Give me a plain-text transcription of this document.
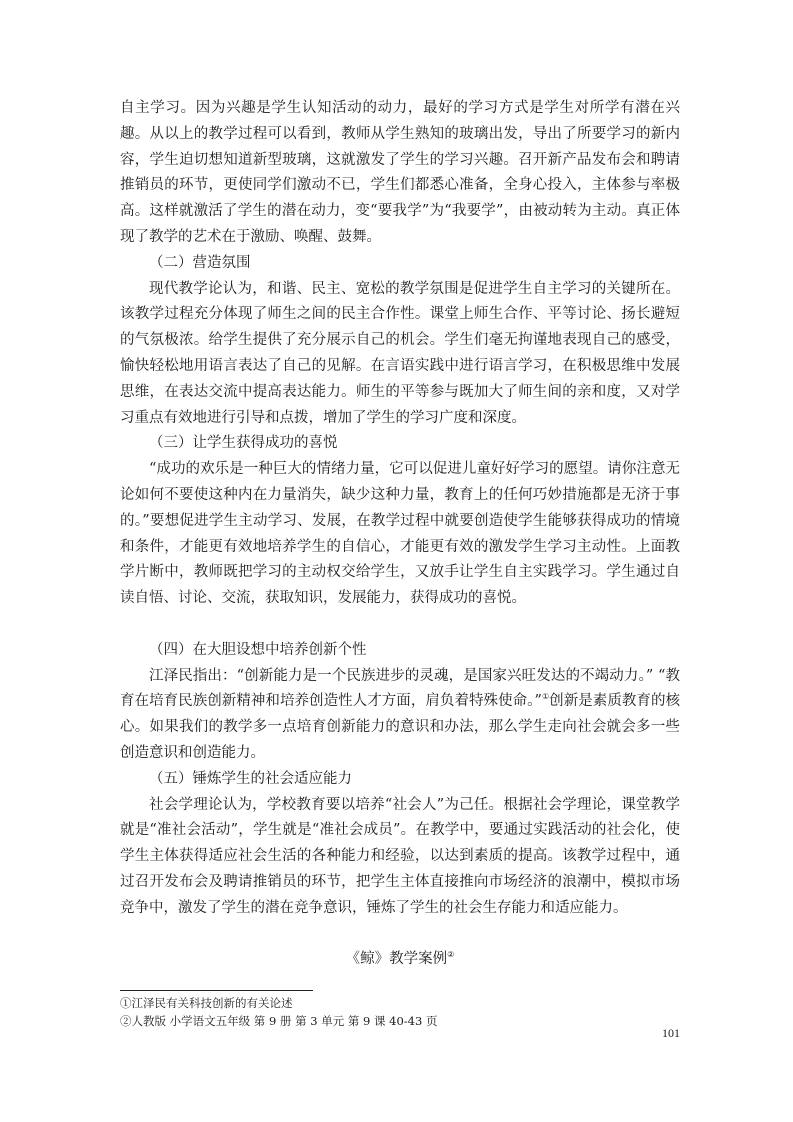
自主学习。因为兴趣是学生认知活动的动力，最好的学习方式是学生对所学有潜在兴趣。从以上的教学过程可以看到，教师从学生熟知的玻璃出发，导出了所要学习的新内容，学生迫切想知道新型玻璃，这就激发了学生的学习兴趣。召开新产品发布会和聘请推销员的环节，更使同学们激动不已，学生们都悉心准备，全身心投入，主体参与率极高。这样就激活了学生的潜在动力，变“要我学”为“我要学”，由被动转为主动。真正体现了教学的艺术在于激励、唤醒、鼓舞。

（二）营造氛围

现代教学论认为，和谐、民主、宽松的教学氛围是促进学生自主学习的关键所在。该教学过程充分体现了师生之间的民主合作性。课堂上师生合作、平等讨论、扬长避短的气氛极浓。给学生提供了充分展示自己的机会。学生们毫无拘谨地表现自己的感受，愉快轻松地用语言表达了自己的见解。在言语实践中进行语言学习，在积极思维中发展思维，在表达交流中提高表达能力。师生的平等参与既加大了师生间的亲和度，又对学习重点有效地进行引导和点拨，增加了学生的学习广度和深度。

（三）让学生获得成功的喜悦

“成功的欢乐是一种巨大的情绪力量，它可以促进儿童好好学习的愿望。请你注意无论如何不要使这种内在力量消失，缺少这种力量，教育上的任何巧妙措施都是无济于事的。”要想促进学生主动学习、发展，在教学过程中就要创造使学生能够获得成功的情境和条件，才能更有效地培养学生的自信心，才能更有效的激发学生学习主动性。上面教学片断中，教师既把学习的主动权交给学生，又放手让学生自主实践学习。学生通过自读自悟、讨论、交流，获取知识，发展能力，获得成功的喜悦。

（四）在大胆设想中培养创新个性

江泽民指出：“创新能力是一个民族进步的灵魂，是国家兴旺发达的不竭动力。” “教育在培育民族创新精神和培养创造性人才方面，肩负着特殊使命。”①创新是素质教育的核心。如果我们的教学多一点培育创新能力的意识和办法，那么学生走向社会就会多一些创造意识和创造能力。

（五）锤炼学生的社会适应能力

社会学理论认为，学校教育要以培养“社会人”为己任。根据社会学理论，课堂教学就是“准社会活动”，学生就是“准社会成员”。在教学中，要通过实践活动的社会化，使学生主体获得适应社会生活的各种能力和经验，以达到素质的提高。该教学过程中，通过召开发布会及聘请推销员的环节，把学生主体直接推向市场经济的浪潮中，模拟市场竞争中，激发了学生的潜在竞争意识，锤炼了学生的社会生存能力和适应能力。

《鲸》教学案例②

①江泽民有关科技创新的有关论述

②人教版 小学语文五年级 第 9 册 第 3 单元 第 9 课 40-43 页

101
